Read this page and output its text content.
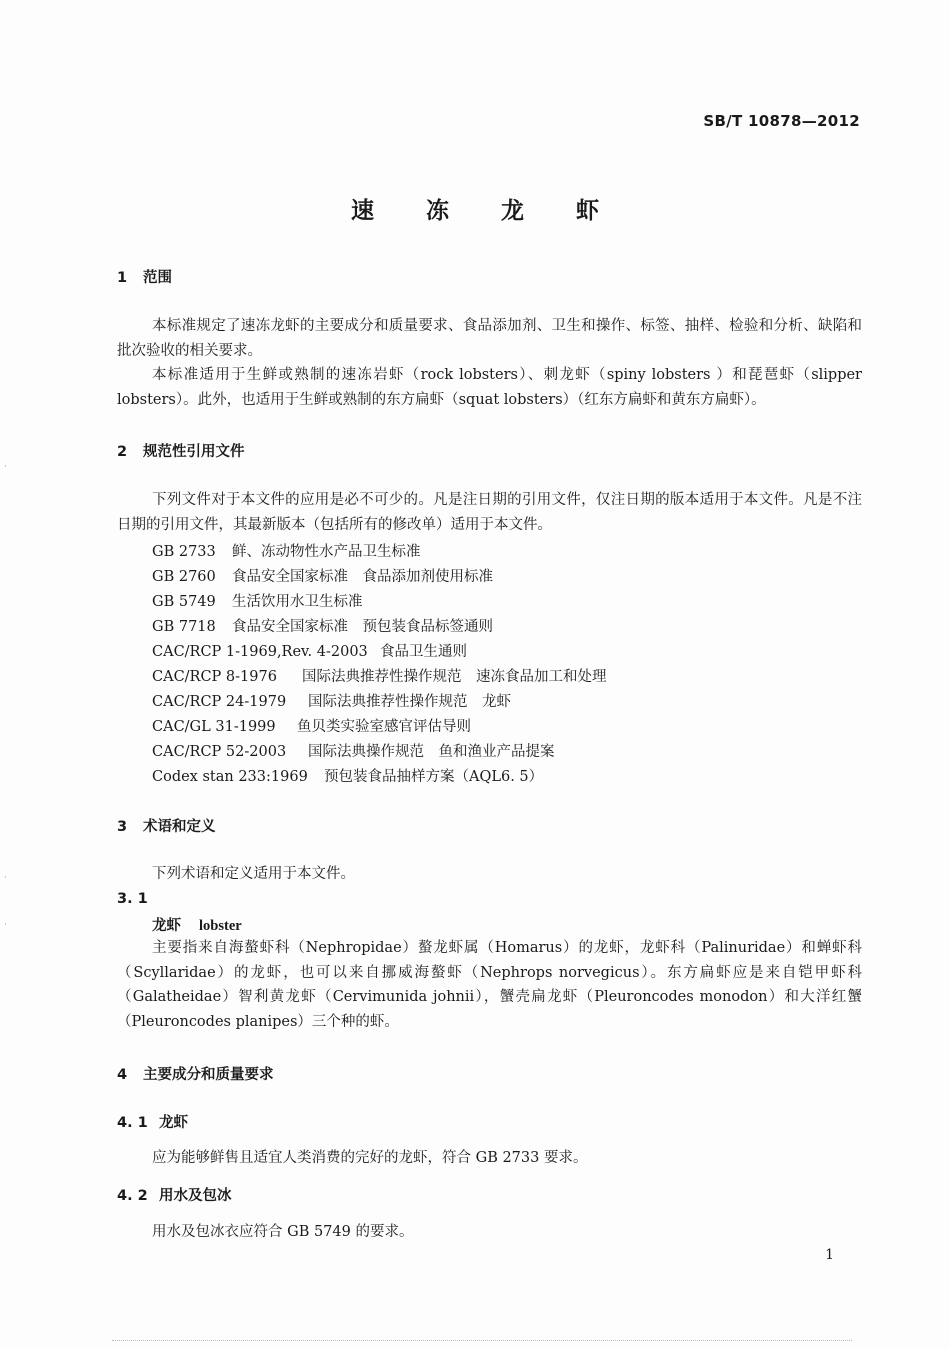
SB/T 10878—2012
速 冻 龙 虾
1 范围
本标准规定了速冻龙虾的主要成分和质量要求、食品添加剂、卫生和操作、标签、抽样、检验和分析、缺陷和批次验收的相关要求。
本标准适用于生鲜或熟制的速冻岩虾（rock lobsters）、刺龙虾（spiny lobsters ）和琵琶虾（slipper lobsters）。此外，也适用于生鲜或熟制的东方扁虾（squat lobsters）（红东方扁虾和黄东方扁虾）。
2 规范性引用文件
下列文件对于本文件的应用是必不可少的。凡是注日期的引用文件，仅注日期的版本适用于本文件。凡是不注日期的引用文件，其最新版本（包括所有的修改单）适用于本文件。
GB 2733 鲜、冻动物性水产品卫生标准
GB 2760 食品安全国家标准　食品添加剂使用标准
GB 5749 生活饮用水卫生标准
GB 7718 食品安全国家标准　预包装食品标签通则
CAC/RCP 1-1969,Rev. 4-2003 食品卫生通则
CAC/RCP 8-1976 国际法典推荐性操作规范　速冻食品加工和处理
CAC/RCP 24-1979 国际法典推荐性操作规范　龙虾
CAC/GL 31-1999 鱼贝类实验室感官评估导则
CAC/RCP 52-2003 国际法典操作规范　鱼和渔业产品提案
Codex stan 233:1969 预包装食品抽样方案（AQL6. 5）
3 术语和定义
下列术语和定义适用于本文件。
3. 1
龙虾 lobster
主要指来自海螯虾科（Nephropidae）螯龙虾属（Homarus）的龙虾，龙虾科（Palinuridae）和蝉虾科（Scyllaridae）的龙虾，也可以来自挪威海螯虾（Nephrops norvegicus）。东方扁虾应是来自铠甲虾科（Galatheidae）智利黄龙虾（Cervimunida johnii），蟹壳扁龙虾（Pleuroncodes monodon）和大洋红蟹（Pleuroncodes planipes）三个种的虾。
4 主要成分和质量要求
4. 1 龙虾
应为能够鲜售且适宜人类消费的完好的龙虾，符合 GB 2733 要求。
4. 2 用水及包冰
用水及包冰衣应符合 GB 5749 的要求。
1
·
·
·
